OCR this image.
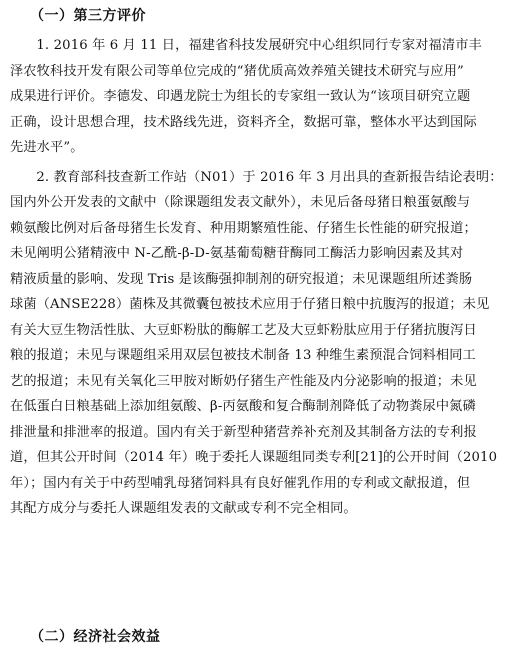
（一）第三方评价
1. 2016 年 6 月 11 日，福建省科技发展研究中心组织同行专家对福清市丰
泽农牧科技开发有限公司等单位完成的“猪优质高效养殖关键技术研究与应用”
成果进行评价。李德发、印遇龙院士为组长的专家组一致认为“该项目研究立题
正确，设计思想合理，技术路线先进，资料齐全，数据可靠，整体水平达到国际
先进水平”。
2. 教育部科技查新工作站（N01）于 2016 年 3 月出具的查新报告结论表明：
国内外公开发表的文献中（除课题组发表文献外），未见后备母猪日粮蛋氨酸与
赖氨酸比例对后备母猪生长发育、种用期繁殖性能、仔猪生长性能的研究报道；
未见阐明公猪精液中 N-乙酰-β-D-氨基葡萄糖苷酶同工酶活力影响因素及其对
精液质量的影响、发现 Tris 是该酶强抑制剂的研究报道；未见课题组所述粪肠
球菌（ANSE228）菌株及其微囊包被技术应用于仔猪日粮中抗腹泻的报道；未见
有关大豆生物活性肽、大豆虾粉肽的酶解工艺及大豆虾粉肽应用于仔猪抗腹泻日
粮的报道；未见与课题组采用双层包被技术制备 13 种维生素预混合饲料相同工
艺的报道；未见有关氧化三甲胺对断奶仔猪生产性能及内分泌影响的报道；未见
在低蛋白日粮基础上添加组氨酸、β-丙氨酸和复合酶制剂降低了动物粪尿中氮磷
排泄量和排泄率的报道。国内有关于新型种猪营养补充剂及其制备方法的专利报
道，但其公开时间（2014 年）晚于委托人课题组同类专利[21]的公开时间（2010
年）；国内有关于中药型哺乳母猪饲料具有良好催乳作用的专利或文献报道，但
其配方成分与委托人课题组发表的文献或专利不完全相同。
（二）经济社会效益
